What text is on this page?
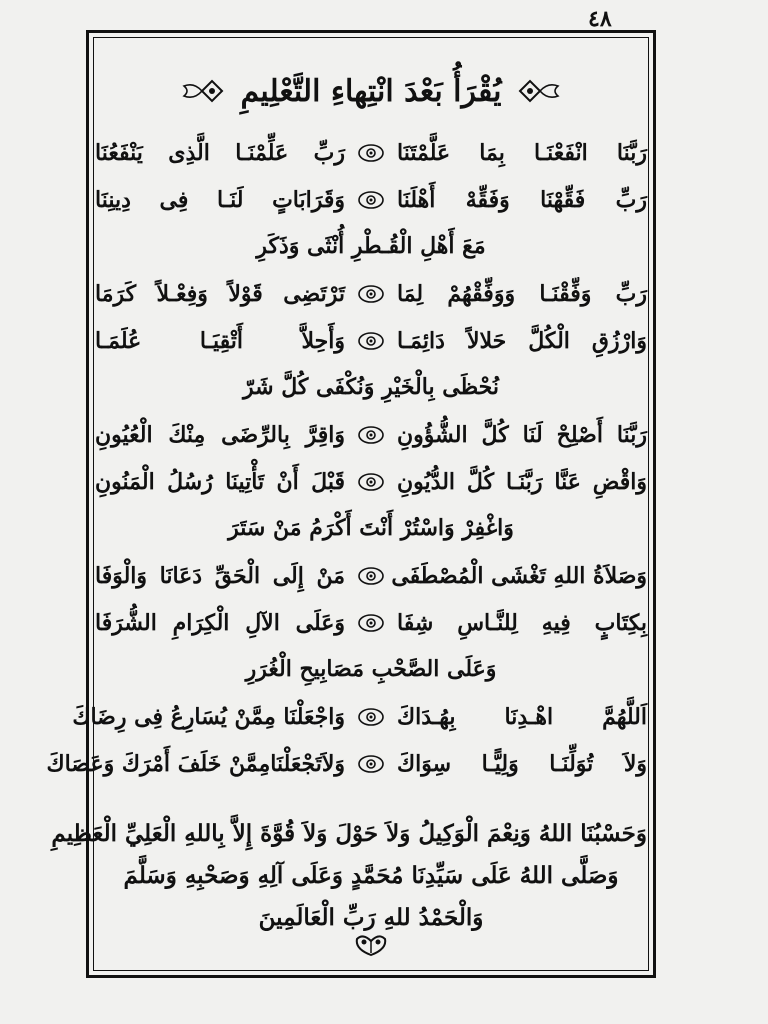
٤٨
يُقْرَأُ بَعْدَ انْتِهاءِ التَّعْلِيمِ
رَبَّنَا انْفَعْنَـا بِمَا عَلَّمْتَنَا
رَبِّ عَلِّمْنَـا الَّذِى يَنْفَعُنَا
رَبِّ فَقِّهْنَا وَفَقِّهْ أَهْلَنَا
وَقَرَابَاتٍ لَنَـا فِى دِينِنَا
مَعَ أَهْلِ الْقُـطْرِ أُنْثَى وَذَكَرِ
رَبِّ وَفِّقْنَـا وَوَفِّقْهُمْ لِمَا
تَرْتَضِى قَوْلاً وَفِعْـلاً كَرَمَا
وَارْزُقِ الْكُلَّ حَلالاً دَائِمَـا
وَأَحِلاَّ أَتْقِيَـا عُلَمَـا
نُحْظَى بِالْخَيْرِ وَنُكْفَى كُلَّ شَرّ
رَبَّنَا أَصْلِحْ لَنَا كُلَّ الشُّؤُونِ
وَاقِرَّ بِالرِّضَى مِنْكَ الْعُيُونِ
وَاقْضِ عَنَّا رَبَّنَـا كُلَّ الدُّيُونِ
قَبْلَ أَنْ تَأْتِينَا رُسُلُ الْمَنُونِ
وَاغْفِرْ وَاسْتُرْ أَنْتَ أَكْرَمُ مَنْ سَتَرَ
وَصَلاَةُ اللهِ تَغْشَى الْمُصْطَفَى
مَنْ إِلَى الْحَقِّ دَعَانَا وَالْوَفَا
بِكِتَابٍ فِيهِ لِلنَّـاسِ شِفَا
وَعَلَى الآلِ الْكِرَامِ الشُّرَفَا
وَعَلَى الصَّحْبِ مَصَابِيحِ الْغُرَرِ
اَللَّهُمَّ اهْـدِنَا بِهُـدَاكَ
وَاجْعَلْنَا مِمَّنْ يُسَارِعُ فِى رِضَاكَ
وَلاَ تُوَلِّنَـا وَلِيًّـا سِوَاكَ
وَلاَتَجْعَلْنَامِمَّنْ خَلَفَ أَمْرَكَ وَعَصَاكَ
وَحَسْبُنَا اللهُ وَنِعْمَ الْوَكِيلُ وَلاَ حَوْلَ وَلاَ قُوَّةَ إِلاَّ بِاللهِ الْعَلِيِّ الْعَظِيمِ
وَصَلَّى اللهُ عَلَى سَيِّدِنَا مُحَمَّدٍ وَعَلَى آلِهِ وَصَحْبِهِ وَسَلَّمَ
وَالْحَمْدُ للهِ رَبِّ الْعَالَمِينَ
